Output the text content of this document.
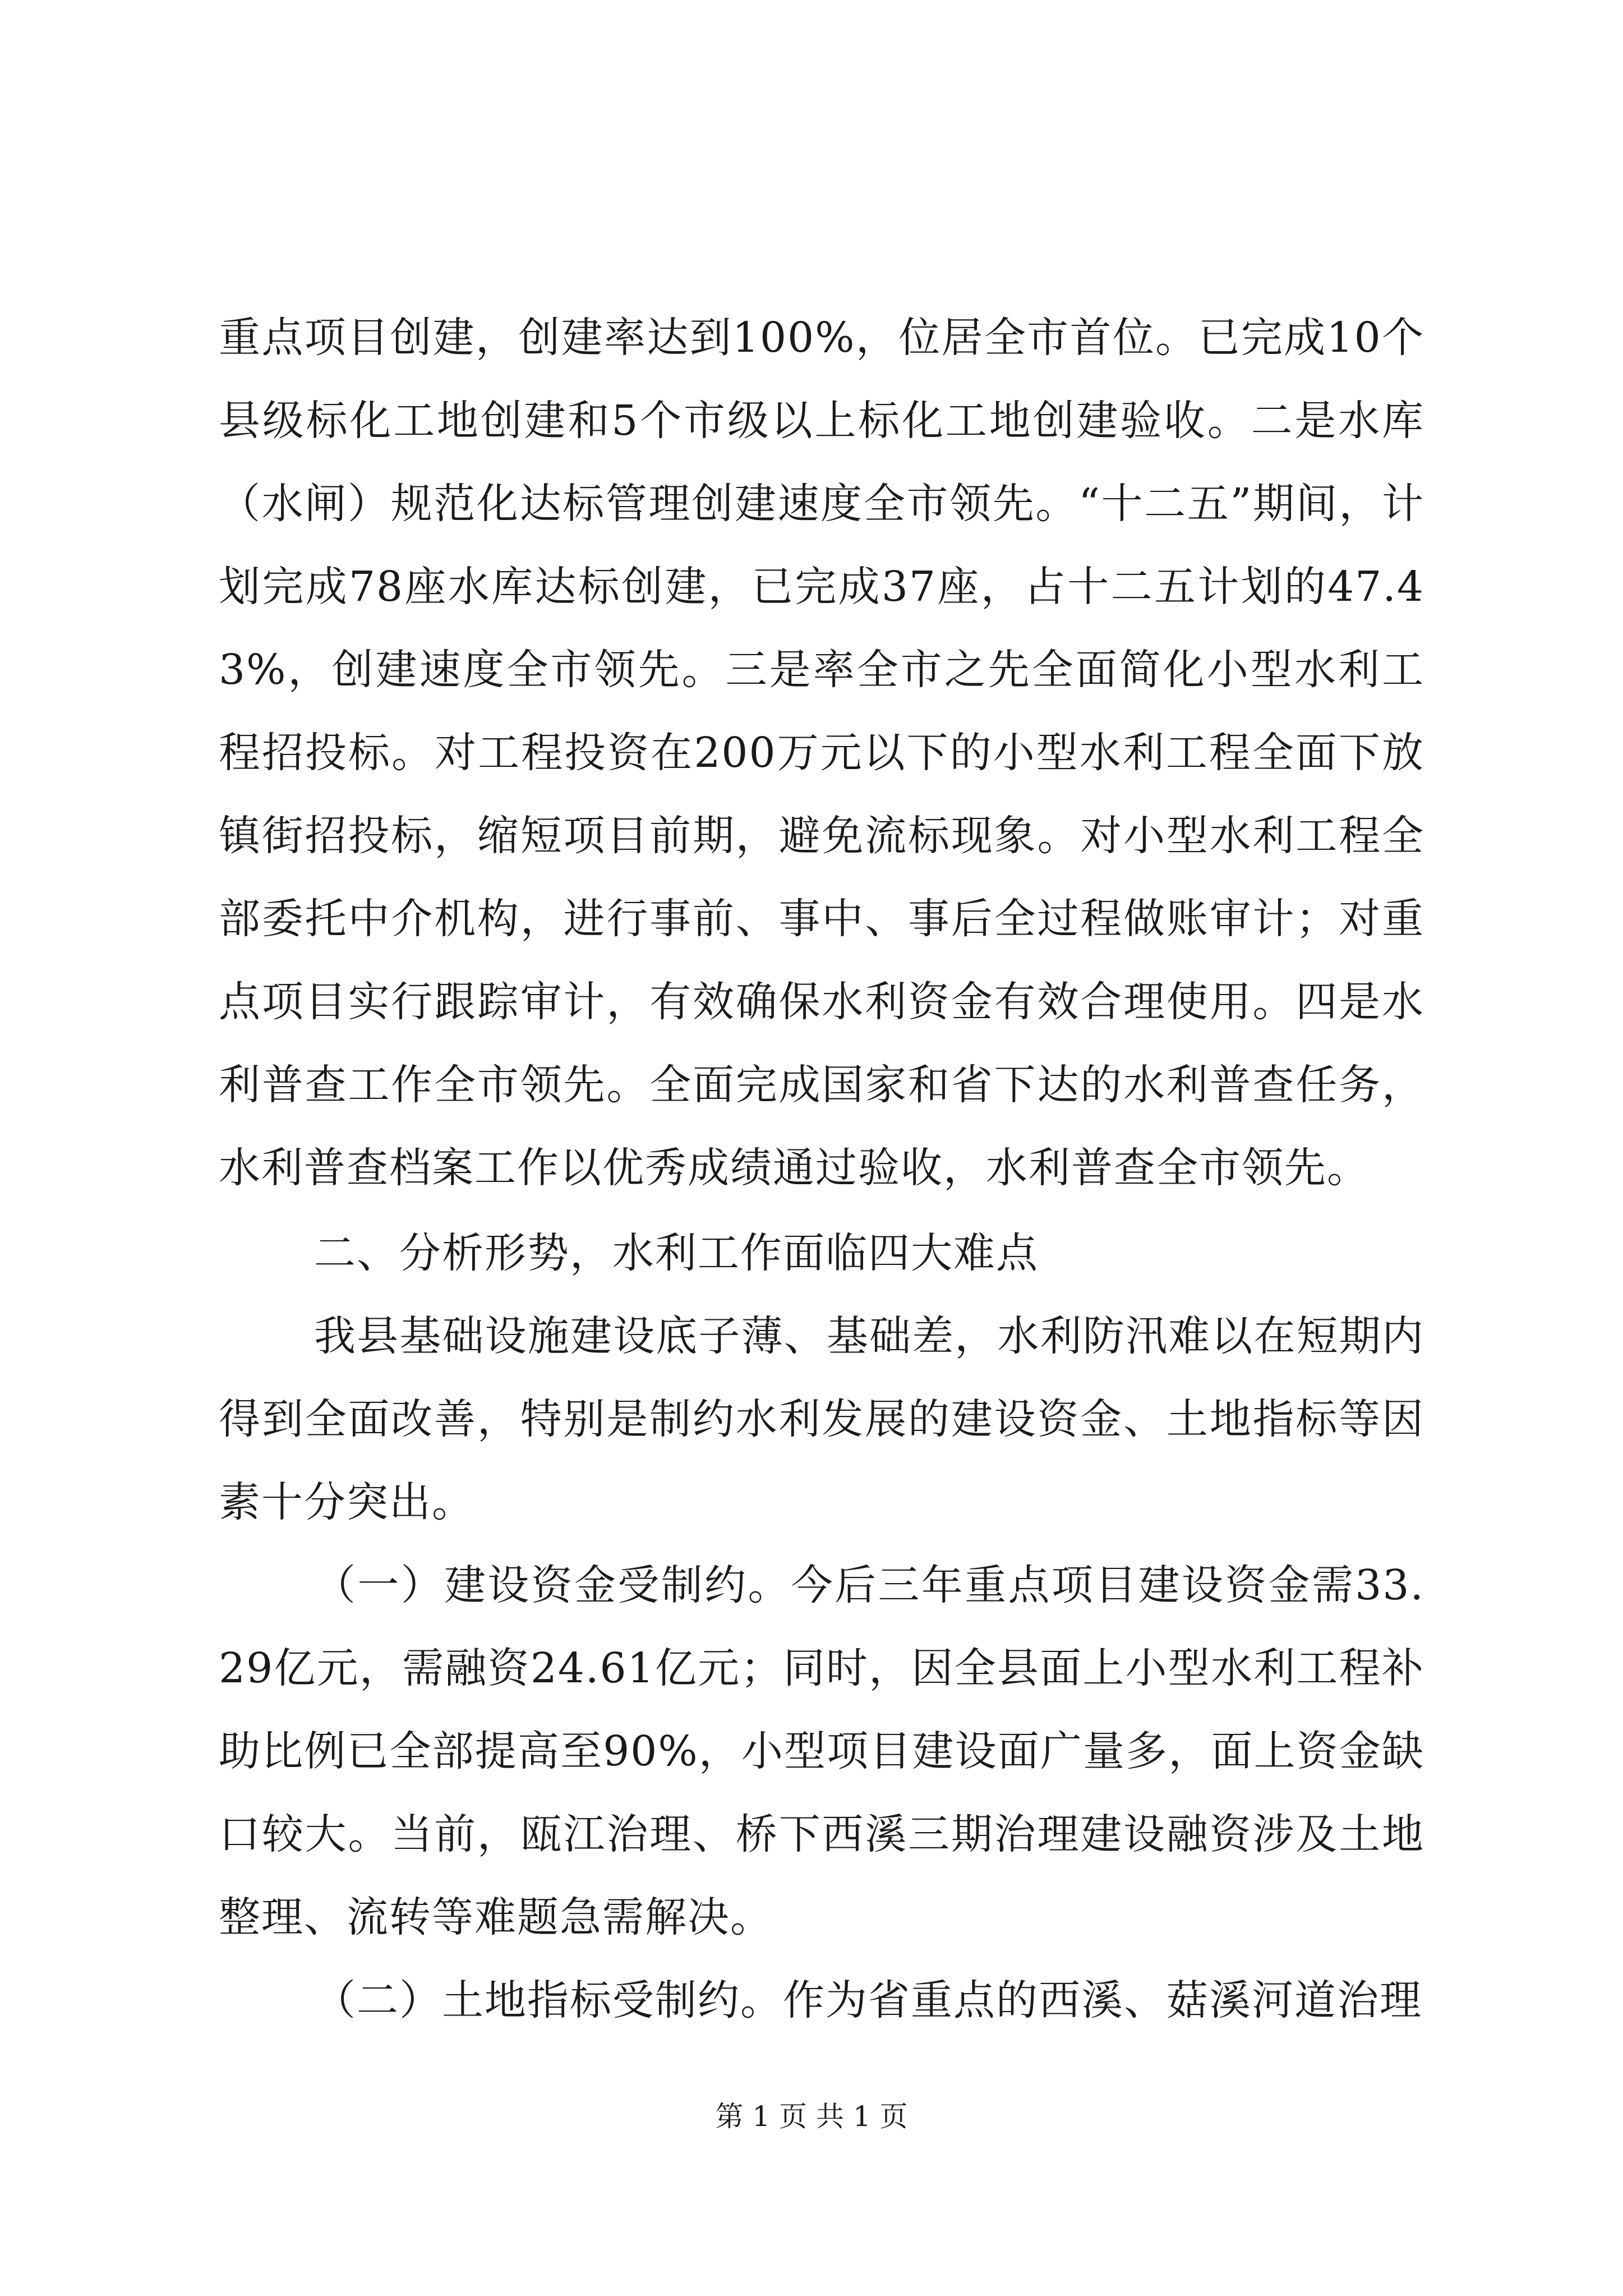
重点项目创建，创建率达到100%，位居全市首位。已完成10个县级标化工地创建和5个市级以上标化工地创建验收。二是水库（水闸）规范化达标管理创建速度全市领先。“十二五”期间，计划完成78座水库达标创建，已完成37座，占十二五计划的47.43%，创建速度全市领先。三是率全市之先全面简化小型水利工程招投标。对工程投资在200万元以下的小型水利工程全面下放镇街招投标，缩短项目前期，避免流标现象。对小型水利工程全部委托中介机构，进行事前、事中、事后全过程做账审计；对重点项目实行跟踪审计，有效确保水利资金有效合理使用。四是水利普查工作全市领先。全面完成国家和省下达的水利普查任务，水利普查档案工作以优秀成绩通过验收，水利普查全市领先。

二、分析形势，水利工作面临四大难点

我县基础设施建设底子薄、基础差，水利防汛难以在短期内得到全面改善，特别是制约水利发展的建设资金、土地指标等因素十分突出。

（一）建设资金受制约。今后三年重点项目建设资金需33.29亿元，需融资24.61亿元；同时，因全县面上小型水利工程补助比例已全部提高至90%，小型项目建设面广量多，面上资金缺口较大。当前，瓯江治理、桥下西溪三期治理建设融资涉及土地整理、流转等难题急需解决。

（二）土地指标受制约。作为省重点的西溪、菇溪河道治理

第 1 页 共 1 页
